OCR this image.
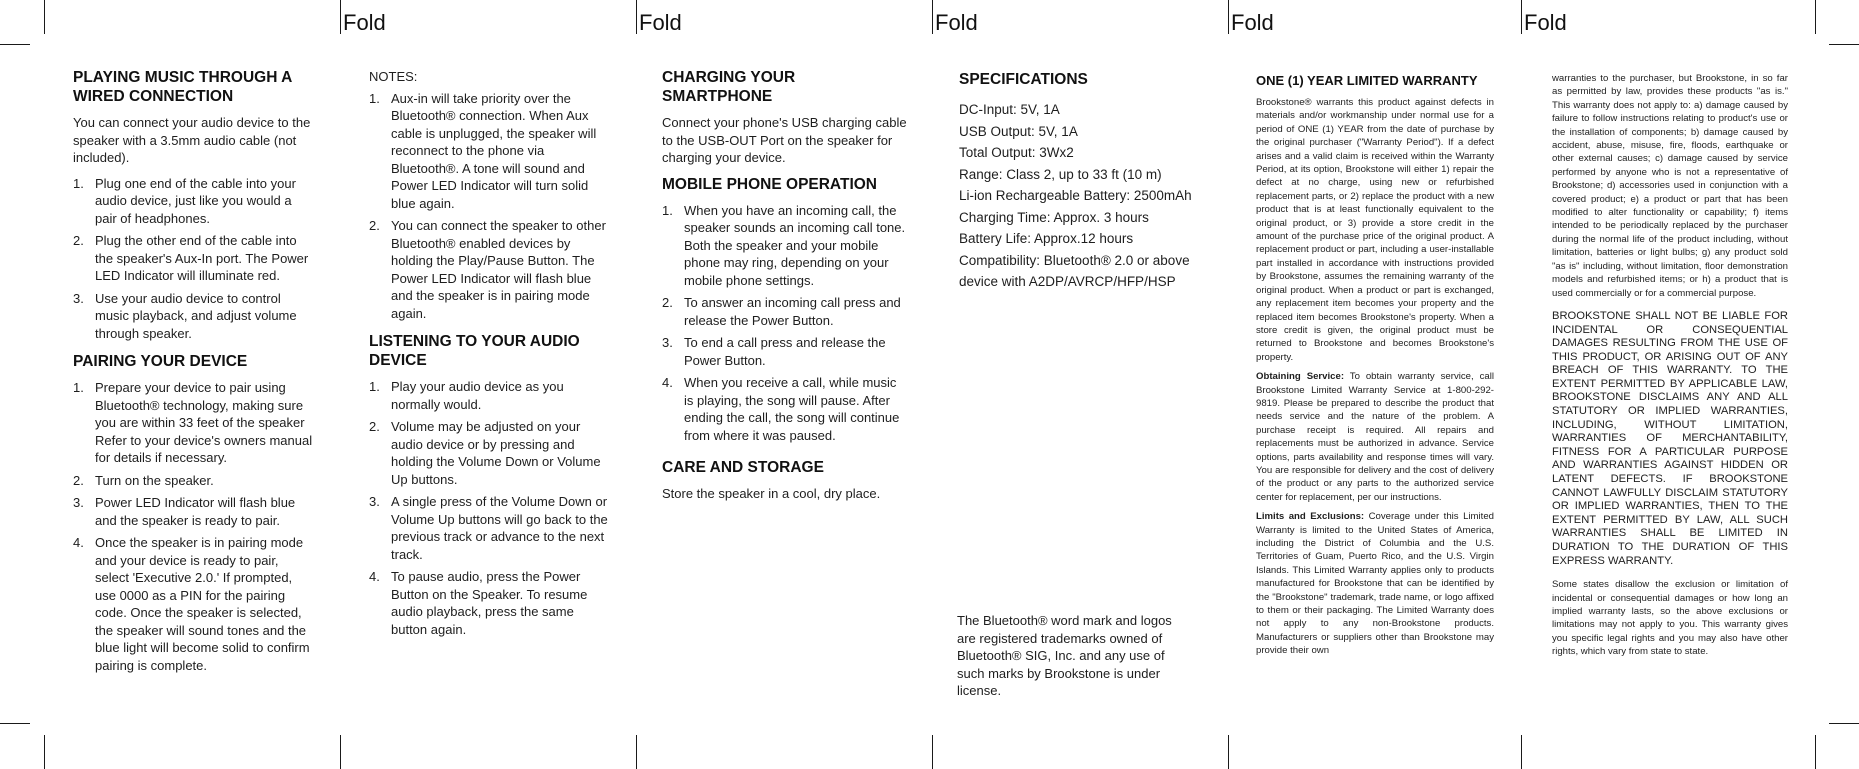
Fold	Fold	Fold	Fold	Fold
PLAYING MUSIC THROUGH A WIRED CONNECTION

You can connect your audio device to the speaker with a 3.5mm audio cable (not included).

1. Plug one end of the cable into your audio device, just like you would a pair of headphones.
2. Plug the other end of the cable into the speaker's Aux-In port. The Power LED Indicator will illuminate red.
3. Use your audio device to control music playback, and adjust volume through speaker.
PAIRING YOUR DEVICE
1. Prepare your device to pair using Bluetooth® technology, making sure you are within 33 feet of the speaker Refer to your device's owners manual for details if necessary.
2. Turn on the speaker.
3. Power LED Indicator will flash blue and the speaker is ready to pair.
4. Once the speaker is in pairing mode and your device is ready to pair, select 'Executive 2.0.' If prompted, use 0000 as a PIN for the pairing code. Once the speaker is selected, the speaker will sound tones and the blue light will become solid to confirm pairing is complete.

NOTES:

1. Aux-in will take priority over the Bluetooth® connection. When Aux cable is unplugged, the speaker will reconnect to the phone via Bluetooth®. A tone will sound and Power LED Indicator will turn solid blue again.
2. You can connect the speaker to other Bluetooth® enabled devices by holding the Play/Pause Button. The Power LED Indicator will flash blue and the speaker is in pairing mode again.
LISTENING TO YOUR AUDIO DEVICE
1. Play your audio device as you normally would.
2. Volume may be adjusted on your audio device or by pressing and holding the Volume Down or Volume Up buttons.
3. A single press of the Volume Down or Volume Up buttons will go back to the previous track or advance to the next track.
4. To pause audio, press the Power Button on the Speaker. To resume audio playback, press the same button again.
CHARGING YOUR SMARTPHONE

Connect your phone's USB charging cable to the USB-OUT Port on the speaker for charging your device.

MOBILE PHONE OPERATION
1. When you have an incoming call, the speaker sounds an incoming call tone. Both the speaker and your mobile phone may ring, depending on your mobile phone settings.
2. To answer an incoming call press and release the Power Button.
3. To end a call press and release the Power Button.
4. When you receive a call, while music is playing, the song will pause. After ending the call, the song will continue from where it was paused.
CARE AND STORAGE

Store the speaker in a cool, dry place.

SPECIFICATIONS

DC-Input: 5V, 1A

USB Output: 5V, 1A

Total Output: 3Wx2

Range: Class 2, up to 33 ft (10 m)

Li-ion Rechargeable Battery: 2500mAh

Charging Time: Approx. 3 hours

Battery Life: Approx.12 hours

Compatibility: Bluetooth® 2.0 or above device with A2DP/AVRCP/HFP/HSP

The Bluetooth® word mark and logos are registered trademarks owned of Bluetooth® SIG, Inc. and any use of such marks by Brookstone is under license.
ONE (1) YEAR LIMITED WARRANTY

Brookstone® warrants this product against defects in materials and/or workmanship under normal use for a period of ONE (1) YEAR from the date of purchase by the original purchaser ("Warranty Period"). If a defect arises and a valid claim is received within the Warranty Period, at its option, Brookstone will either 1) repair the defect at no charge, using new or refurbished replacement parts, or 2) replace the product with a new product that is at least functionally equivalent to the original product, or 3) provide a store credit in the amount of the purchase price of the original product. A replacement product or part, including a user-installable part installed in accordance with instructions provided by Brookstone, assumes the remaining warranty of the original product. When a product or part is exchanged, any replacement item becomes your property and the replaced item becomes Brookstone's property. When a store credit is given, the original product must be returned to Brookstone and becomes Brookstone's property.

Obtaining Service: To obtain warranty service, call Brookstone Limited Warranty Service at 1-800-292-9819. Please be prepared to describe the product that needs service and the nature of the problem. A purchase receipt is required. All repairs and replacements must be authorized in advance. Service options, parts availability and response times will vary. You are responsible for delivery and the cost of delivery of the product or any parts to the authorized service center for replacement, per our instructions.

Limits and Exclusions: Coverage under this Limited Warranty is limited to the United States of America, including the District of Columbia and the U.S. Territories of Guam, Puerto Rico, and the U.S. Virgin Islands. This Limited Warranty applies only to products manufactured for Brookstone that can be identified by the "Brookstone" trademark, trade name, or logo affixed to them or their packaging. The Limited Warranty does not apply to any non-Brookstone products. Manufacturers or suppliers other than Brookstone may provide their own

warranties to the purchaser, but Brookstone, in so far as permitted by law, provides these products "as is." This warranty does not apply to: a) damage caused by failure to follow instructions relating to product's use or the installation of components; b) damage caused by accident, abuse, misuse, fire, floods, earthquake or other external causes; c) damage caused by service performed by anyone who is not a representative of Brookstone; d) accessories used in conjunction with a covered product; e) a product or part that has been modified to alter functionality or capability; f) items intended to be periodically replaced by the purchaser during the normal life of the product including, without limitation, batteries or light bulbs; g) any product sold "as is" including, without limitation, floor demonstration models and refurbished items; or h) a product that is used commercially or for a commercial purpose.

BROOKSTONE SHALL NOT BE LIABLE FOR INCIDENTAL OR CONSEQUENTIAL DAMAGES RESULTING FROM THE USE OF THIS PRODUCT, OR ARISING OUT OF ANY BREACH OF THIS WARRANTY. TO THE EXTENT PERMITTED BY APPLICABLE LAW, BROOKSTONE DISCLAIMS ANY AND ALL STATUTORY OR IMPLIED WARRANTIES, INCLUDING, WITHOUT LIMITATION, WARRANTIES OF MERCHANTABILITY, FITNESS FOR A PARTICULAR PURPOSE AND WARRANTIES AGAINST HIDDEN OR LATENT DEFECTS. IF BROOKSTONE CANNOT LAWFULLY DISCLAIM STATUTORY OR IMPLIED WARRANTIES, THEN TO THE EXTENT PERMITTED BY LAW, ALL SUCH WARRANTIES SHALL BE LIMITED IN DURATION TO THE DURATION OF THIS EXPRESS WARRANTY.

Some states disallow the exclusion or limitation of incidental or consequential damages or how long an implied warranty lasts, so the above exclusions or limitations may not apply to you. This warranty gives you specific legal rights and you may also have other rights, which vary from state to state.
